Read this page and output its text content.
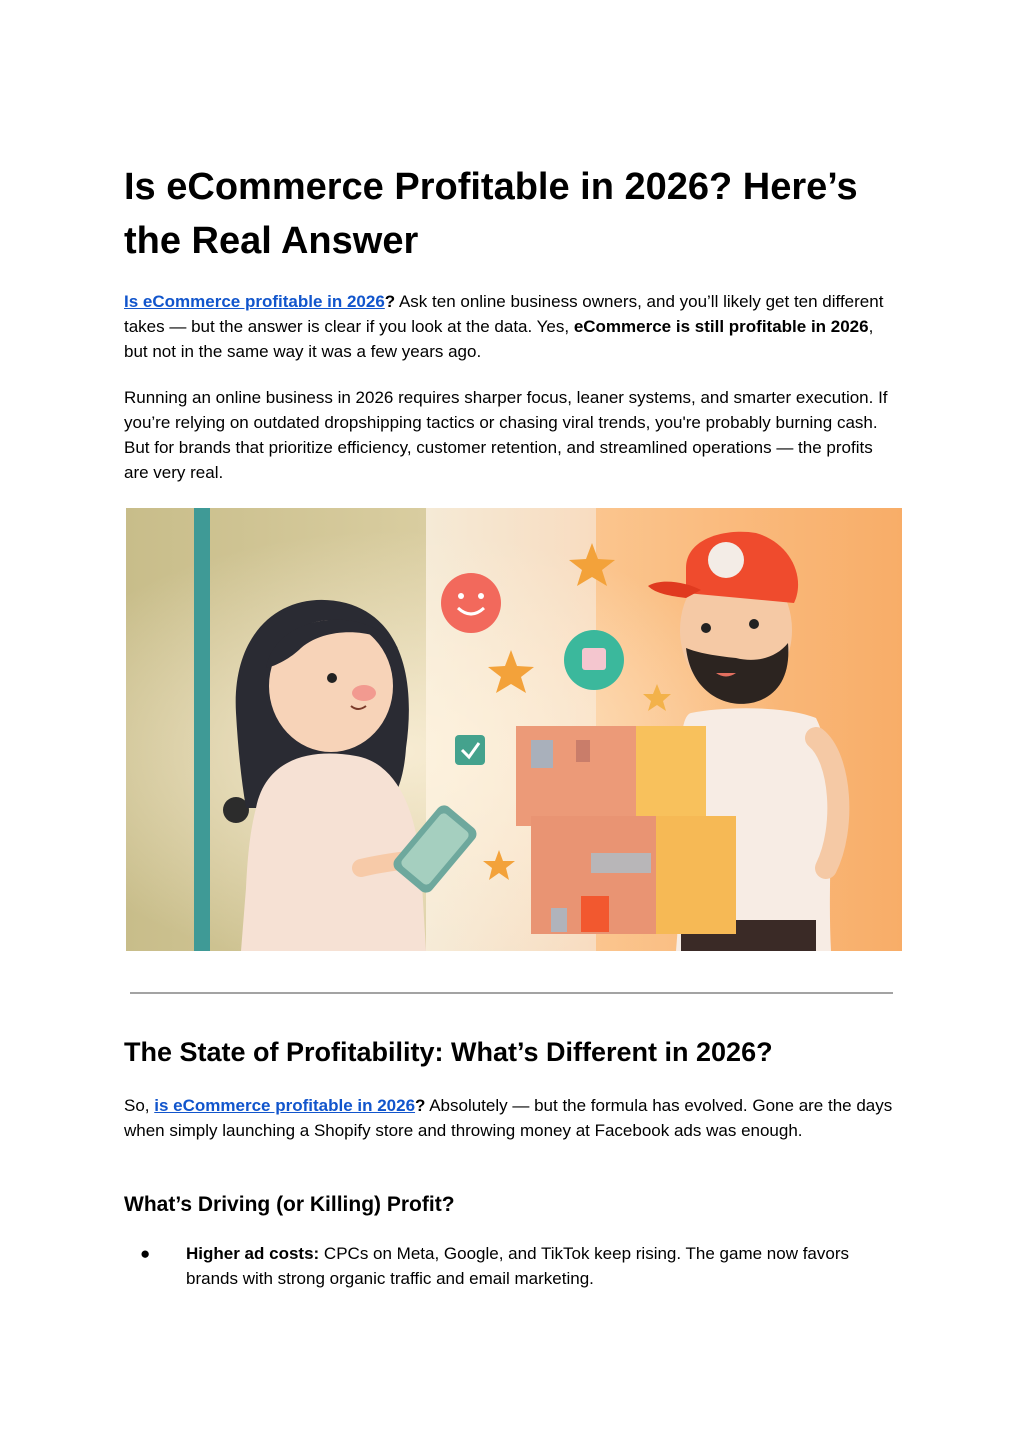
Is eCommerce Profitable in 2026? Here’s the Real Answer

Is eCommerce profitable in 2026? Ask ten online business owners, and you’ll likely get ten different takes — but the answer is clear if you look at the data. Yes, eCommerce is still profitable in 2026, but not in the same way it was a few years ago.

Running an online business in 2026 requires sharper focus, leaner systems, and smarter execution. If you’re relying on outdated dropshipping tactics or chasing viral trends, you're probably burning cash. But for brands that prioritize efficiency, customer retention, and streamlined operations — the profits are very real.

The State of Profitability: What’s Different in 2026?

So, is eCommerce profitable in 2026? Absolutely — but the formula has evolved. Gone are the days when simply launching a Shopify store and throwing money at Facebook ads was enough.

What’s Driving (or Killing) Profit?
● Higher ad costs: CPCs on Meta, Google, and TikTok keep rising. The game now favors brands with strong organic traffic and email marketing.
